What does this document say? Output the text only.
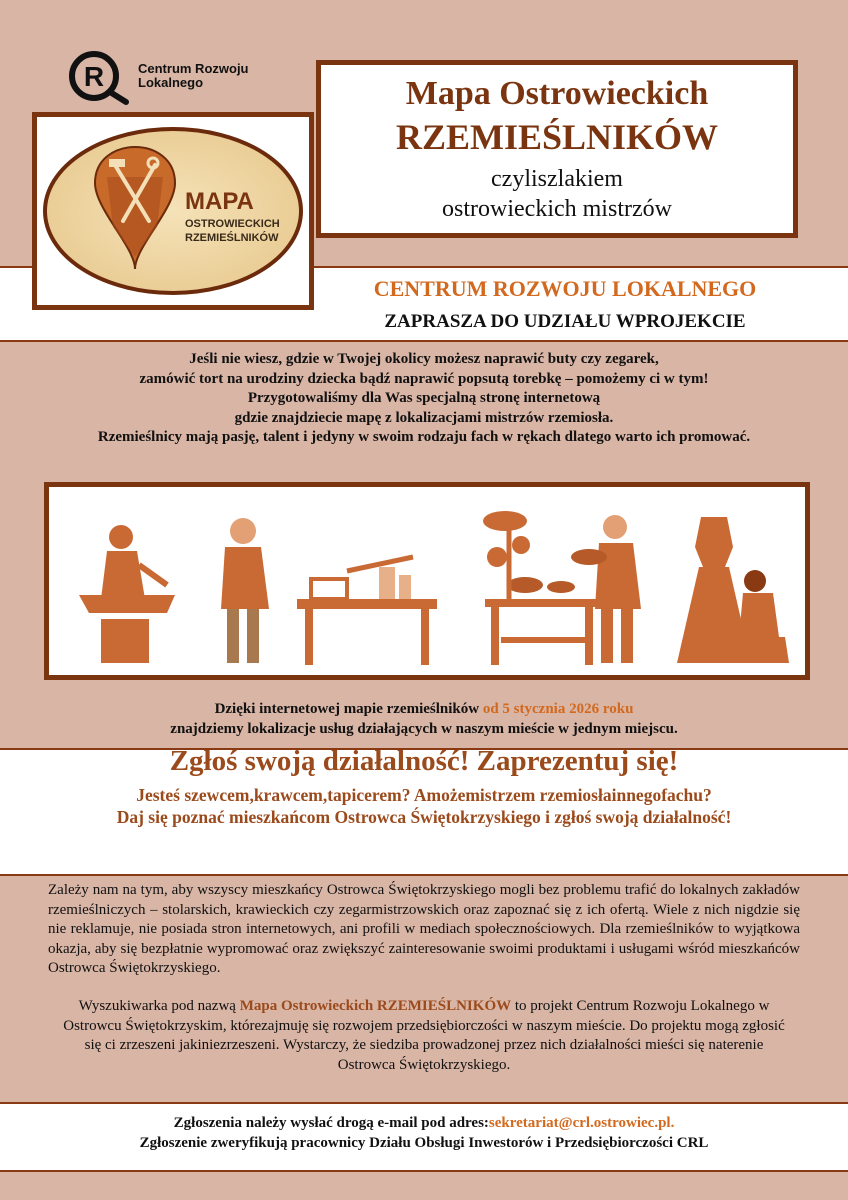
R	Centrum Rozwoju
Lokalnego	Mapa Ostrowieckich
RZEMIEŚLNIKÓW
czyliszlakiem
ostrowieckich mistrzów
MAPA
OSTROWIECKICH
RZEMIEŚLNIKÓW
CENTRUM ROZWOJU LOKALNEGO
ZAPRASZA DO UDZIAŁU WPROJEKCIE
Jeśli nie wiesz, gdzie w Twojej okolicy możesz naprawić buty czy zegarek,
zamówić tort na urodziny dziecka bądź naprawić popsutą torebkę – pomożemy ci w tym!
Przygotowaliśmy dla Was specjalną stronę internetową
gdzie znajdziecie mapę z lokalizacjami mistrzów rzemiosła.
Rzemieślnicy mają pasję, talent i jedyny w swoim rodzaju fach w rękach dlatego warto ich promować.
Dzięki internetowej mapie rzemieślników od 5 stycznia 2026 roku
znajdziemy lokalizacje usług działających w naszym mieście w jednym miejscu.
Zgłoś swoją działalność! Zaprezentuj się!
Jesteś szewcem,krawcem,tapicerem? Amożemistrzem rzemiosłainnegofachu?
Daj się poznać mieszkańcom Ostrowca Świętokrzyskiego i zgłoś swoją działalność!

Zależy nam na tym, aby wszyscy mieszkańcy Ostrowca Świętokrzyskiego mogli bez problemu trafić do lokalnych zakładów rzemieślniczych – stolarskich, krawieckich czy zegarmistrzowskich oraz zapoznać się z ich ofertą. Wiele z nich nigdzie się nie reklamuje, nie posiada stron internetowych, ani profili w mediach społecznościowych. Dla rzemieślników to wyjątkowa okazja, aby się bezpłatnie wypromować oraz zwiększyć zainteresowanie swoimi produktami i usługami wśród mieszkańców Ostrowca Świętokrzyskiego.

Wyszukiwarka pod nazwą Mapa Ostrowieckich RZEMIEŚLNIKÓW to projekt Centrum Rozwoju Lokalnego w Ostrowcu Świętokrzyskim, którezajmuję się rozwojem przedsiębiorczości w naszym mieście. Do projektu mogą zgłosić się ci zrzeszeni jakiniezrzeszeni. Wystarczy, że siedziba prowadzonej przez nich działalności mieści się naterenie Ostrowca Świętokrzyskiego.

Zgłoszenia należy wysłać drogą e-mail pod adres:sekretariat@crl.ostrowiec.pl.
Zgłoszenie zweryfikują pracownicy Działu Obsługi Inwestorów i Przedsiębiorczości CRL
